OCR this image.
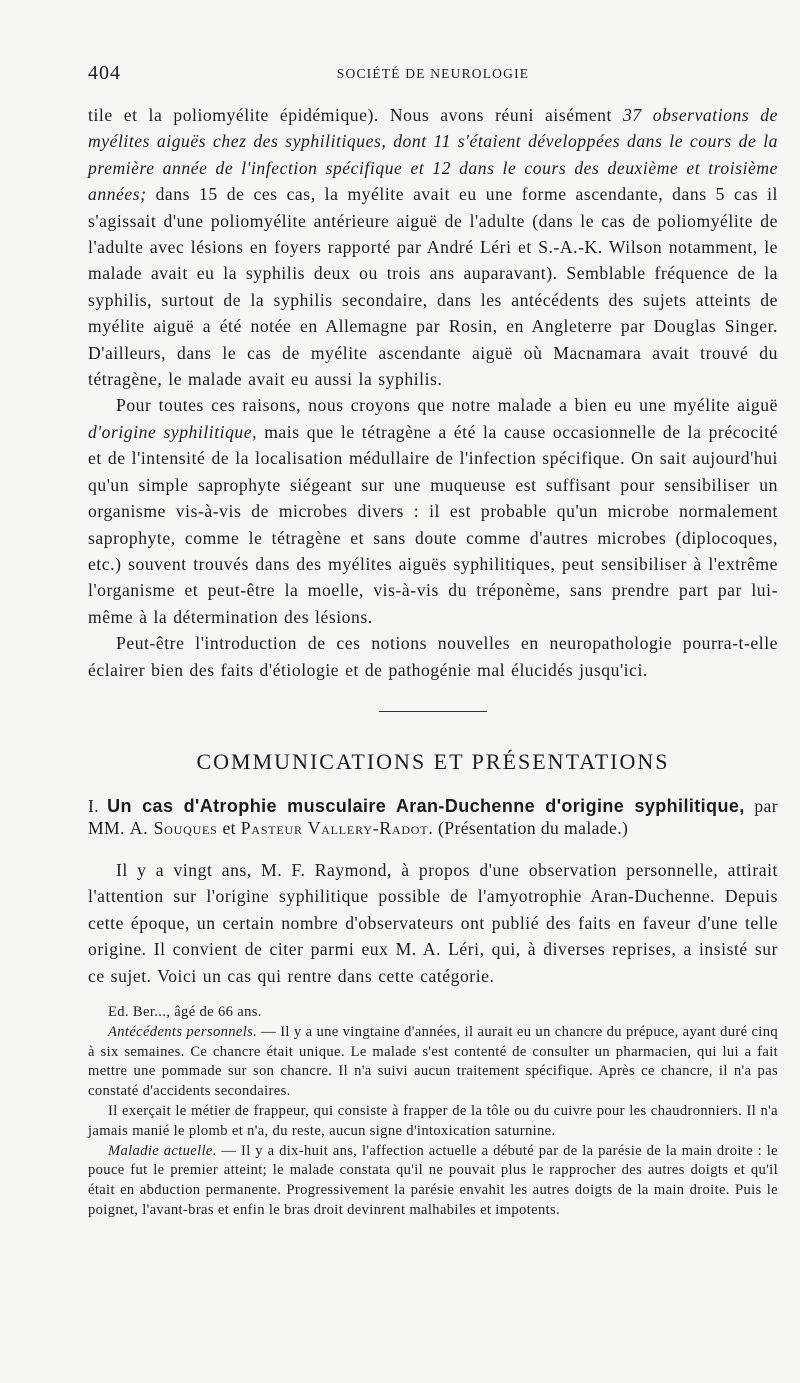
404	SOCIÉTÉ DE NEUROLOGIE

tile et la poliomyélite épidémique). Nous avons réuni aisément 37 observations de myélites aiguës chez des syphilitiques, dont 11 s'étaient développées dans le cours de la première année de l'infection spécifique et 12 dans le cours des deuxième et troisième années; dans 15 de ces cas, la myélite avait eu une forme ascendante, dans 5 cas il s'agissait d'une poliomyélite antérieure aiguë de l'adulte (dans le cas de poliomyélite de l'adulte avec lésions en foyers rapporté par André Léri et S.-A.-K. Wilson notamment, le malade avait eu la syphilis deux ou trois ans auparavant). Semblable fréquence de la syphilis, surtout de la syphilis secondaire, dans les antécédents des sujets atteints de myélite aiguë a été notée en Allemagne par Rosin, en Angleterre par Douglas Singer. D'ailleurs, dans le cas de myélite ascendante aiguë où Macnamara avait trouvé du tétragène, le malade avait eu aussi la syphilis.

Pour toutes ces raisons, nous croyons que notre malade a bien eu une myélite aiguë d'origine syphilitique, mais que le tétragène a été la cause occasionnelle de la précocité et de l'intensité de la localisation médullaire de l'infection spécifique. On sait aujourd'hui qu'un simple saprophyte siégeant sur une muqueuse est suffisant pour sensibiliser un organisme vis-à-vis de microbes divers : il est probable qu'un microbe normalement saprophyte, comme le tétragène et sans doute comme d'autres microbes (diplocoques, etc.) souvent trouvés dans des myélites aiguës syphilitiques, peut sensibiliser à l'extrême l'organisme et peut-être la moelle, vis-à-vis du tréponème, sans prendre part par lui-même à la détermination des lésions.

Peut-être l'introduction de ces notions nouvelles en neuropathologie pourra-t-elle éclairer bien des faits d'étiologie et de pathogénie mal élucidés jusqu'ici.

COMMUNICATIONS ET PRÉSENTATIONS

I. Un cas d'Atrophie musculaire Aran-Duchenne d'origine syphilitique, par MM. A. Souques et Pasteur Vallery-Radot. (Présentation du malade.)

Il y a vingt ans, M. F. Raymond, à propos d'une observation personnelle, attirait l'attention sur l'origine syphilitique possible de l'amyotrophie Aran-Duchenne. Depuis cette époque, un certain nombre d'observateurs ont publié des faits en faveur d'une telle origine. Il convient de citer parmi eux M. A. Léri, qui, à diverses reprises, a insisté sur ce sujet. Voici un cas qui rentre dans cette catégorie.

Ed. Ber..., âgé de 66 ans.

Antécédents personnels. — Il y a une vingtaine d'années, il aurait eu un chancre du prépuce, ayant duré cinq à six semaines. Ce chancre était unique. Le malade s'est contenté de consulter un pharmacien, qui lui a fait mettre une pommade sur son chancre. Il n'a suivi aucun traitement spécifique. Après ce chancre, il n'a pas constaté d'accidents secondaires.

Il exerçait le métier de frappeur, qui consiste à frapper de la tôle ou du cuivre pour les chaudronniers. Il n'a jamais manié le plomb et n'a, du reste, aucun signe d'intoxication saturnine.

Maladie actuelle. — Il y a dix-huit ans, l'affection actuelle a débuté par de la parésie de la main droite : le pouce fut le premier atteint; le malade constata qu'il ne pouvait plus le rapprocher des autres doigts et qu'il était en abduction permanente. Progressivement la parésie envahit les autres doigts de la main droite. Puis le poignet, l'avant-bras et enfin le bras droit devinrent malhabiles et impotents.
